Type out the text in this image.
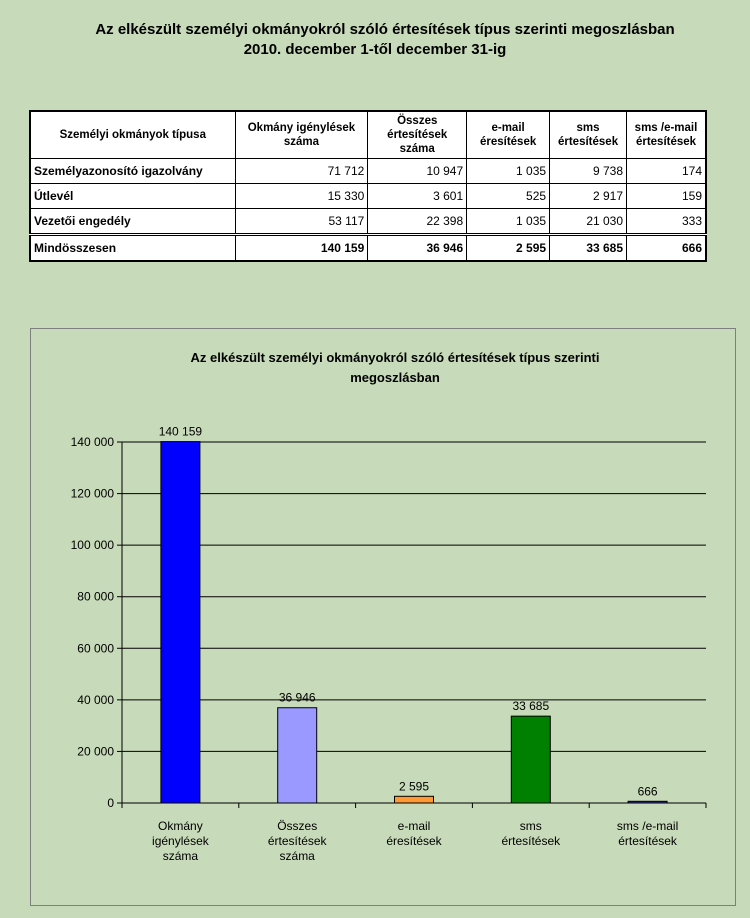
Az elkészült személyi okmányokról szóló értesítések típus szerinti megoszlásban
2010. december 1-től december 31-ig
Személyi okmányok típusa	Okmány igénylések száma	Összes értesítések száma	e-mail éresítések	sms értesítések	sms /e-mail értesítések
Személyazonosító igazolvány	71 712	10 947	1 035	9 738	174
Útlevél	15 330	3 601	525	2 917	159
Vezetői engedély	53 117	22 398	1 035	21 030	333
Mindösszesen	140 159	36 946	2 595	33 685	666
Az elkészült személyi okmányokról szóló értesítések típus szerinti
megoszlásban
0
20 000
40 000
60 000
80 000
100 000
120 000
140 000
140 159
Okmány
igénylések
száma
36 946
Összes
értesítések
száma
2 595
e-mail
éresítések
33 685
sms
értesítések
666
sms /e-mail
értesítések
